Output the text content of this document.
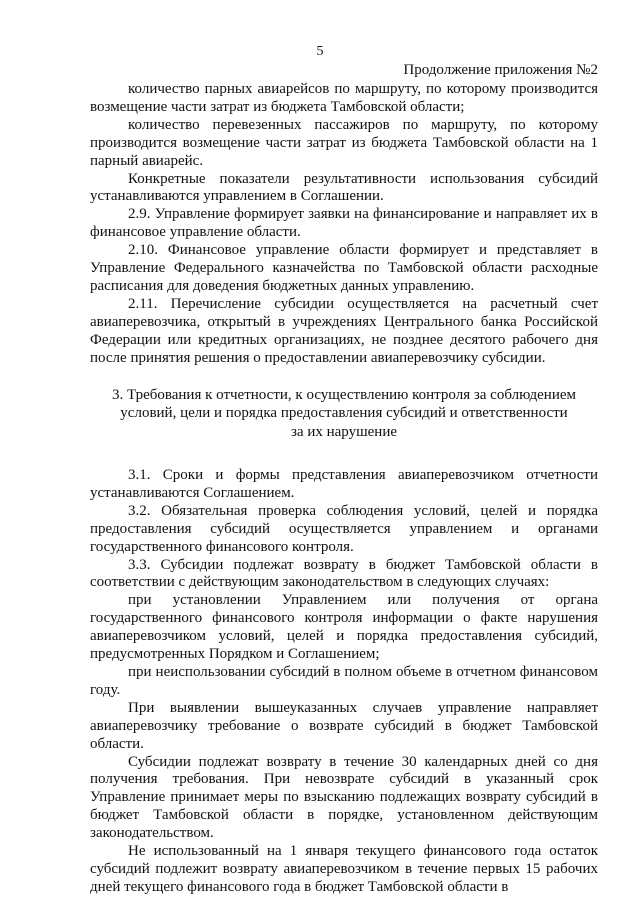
5
Продолжение приложения №2

количество парных авиарейсов по маршруту, по которому производится возмещение части затрат из бюджета Тамбовской области;

количество перевезенных пассажиров по маршруту, по которому производится возмещение части затрат из бюджета Тамбовской области на 1 парный авиарейс.

Конкретные показатели результативности использования субсидий устанавливаются управлением в Соглашении.

2.9. Управление формирует заявки на финансирование и направляет их в финансовое управление области.

2.10. Финансовое управление области формирует и представляет в Управление Федерального казначейства по Тамбовской области расходные расписания для доведения бюджетных данных управлению.

2.11. Перечисление субсидии осуществляется на расчетный счет авиаперевозчика, открытый в учреждениях Центрального банка Российской Федерации или кредитных организациях, не позднее десятого рабочего дня после принятия решения о предоставлении авиаперевозчику субсидии.

3. Требования к отчетности, к осуществлению контроля за соблюдением
условий, цели и порядка предоставления субсидий и ответственности
за их нарушение

3.1. Сроки и формы представления авиаперевозчиком отчетности устанавливаются Соглашением.

3.2. Обязательная проверка соблюдения условий, целей и порядка предоставления субсидий осуществляется управлением и органами государственного финансового контроля.

3.3. Субсидии подлежат возврату в бюджет Тамбовской области в соответствии с действующим законодательством в следующих случаях:

при установлении Управлением или получения от органа государственного финансового контроля информации о факте нарушения авиаперевозчиком условий, целей и порядка предоставления субсидий, предусмотренных Порядком и Соглашением;

при неиспользовании субсидий в полном объеме в отчетном финансовом году.

При выявлении вышеуказанных случаев управление направляет авиаперевозчику требование о возврате субсидий в бюджет Тамбовской области.

Субсидии подлежат возврату в течение 30 календарных дней со дня получения требования. При невозврате субсидий в указанный срок Управление принимает меры по взысканию подлежащих возврату субсидий в бюджет Тамбовской области в порядке, установленном действующим законодательством.

Не использованный на 1 января текущего финансового года остаток субсидий подлежит возврату авиаперевозчиком в течение первых 15 рабочих дней текущего финансового года в бюджет Тамбовской области в
